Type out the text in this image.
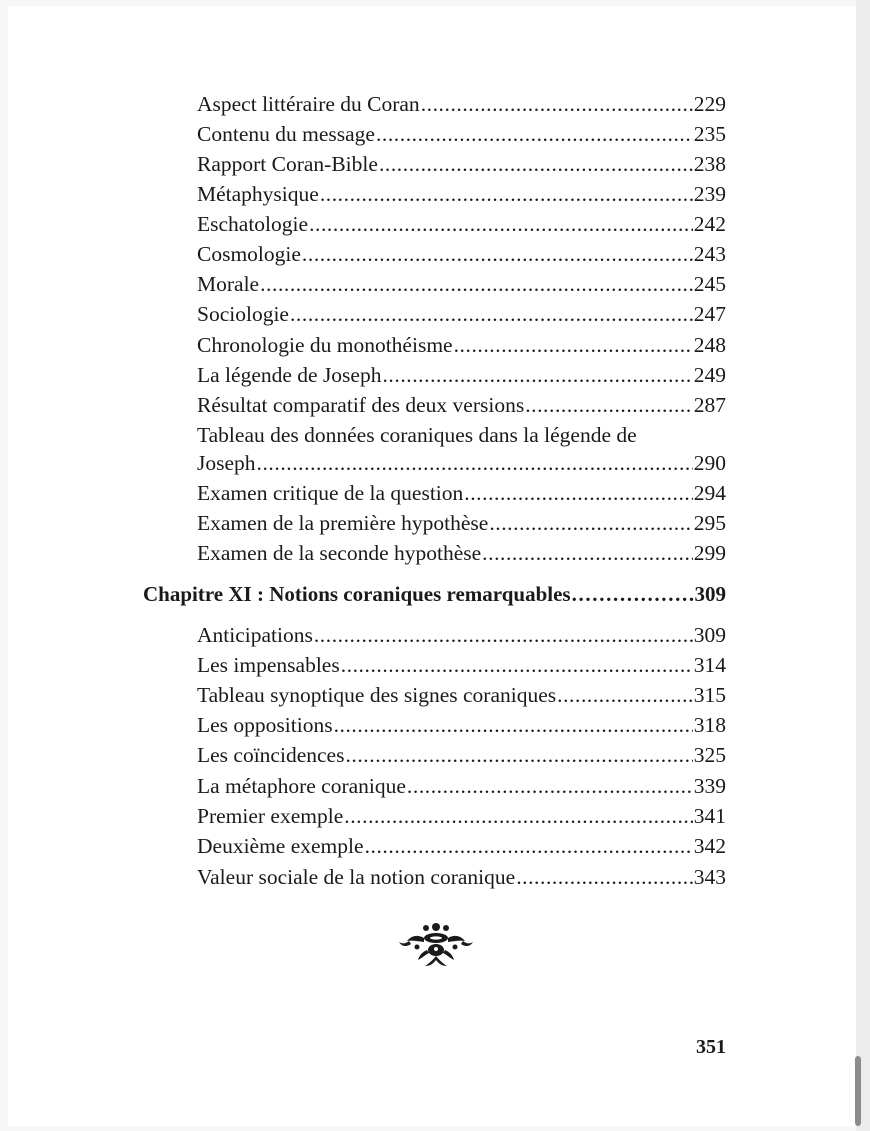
Aspect littéraire du Coran . . .	229
Contenu du message . . .	235
Rapport Coran-Bible . . .	238
Métaphysique . . .	239
Eschatologie . . .	242
Cosmologie . . .	243
Morale . . .	245
Sociologie . . .	247
Chronologie du monothéisme . . .	248
La légende de Joseph . . .	249
Résultat comparatif des deux versions . . .	287
Tableau des données coraniques dans la légende de
Joseph . . .	290
Examen critique de la question . . .	294
Examen de la première hypothèse . . .	295
Examen de la seconde hypothèse . . .	299
Chapitre XI : Notions coraniques remarquables . . .	309
Anticipations . . .	309
Les impensables . . .	314
Tableau synoptique des signes coraniques . . .	315
Les oppositions . . .	318
Les coïncidences . . .	325
La métaphore coranique . . .	339
Premier exemple . . .	341
Deuxième exemple . . .	342
Valeur sociale de la notion coranique . . .	343
351
